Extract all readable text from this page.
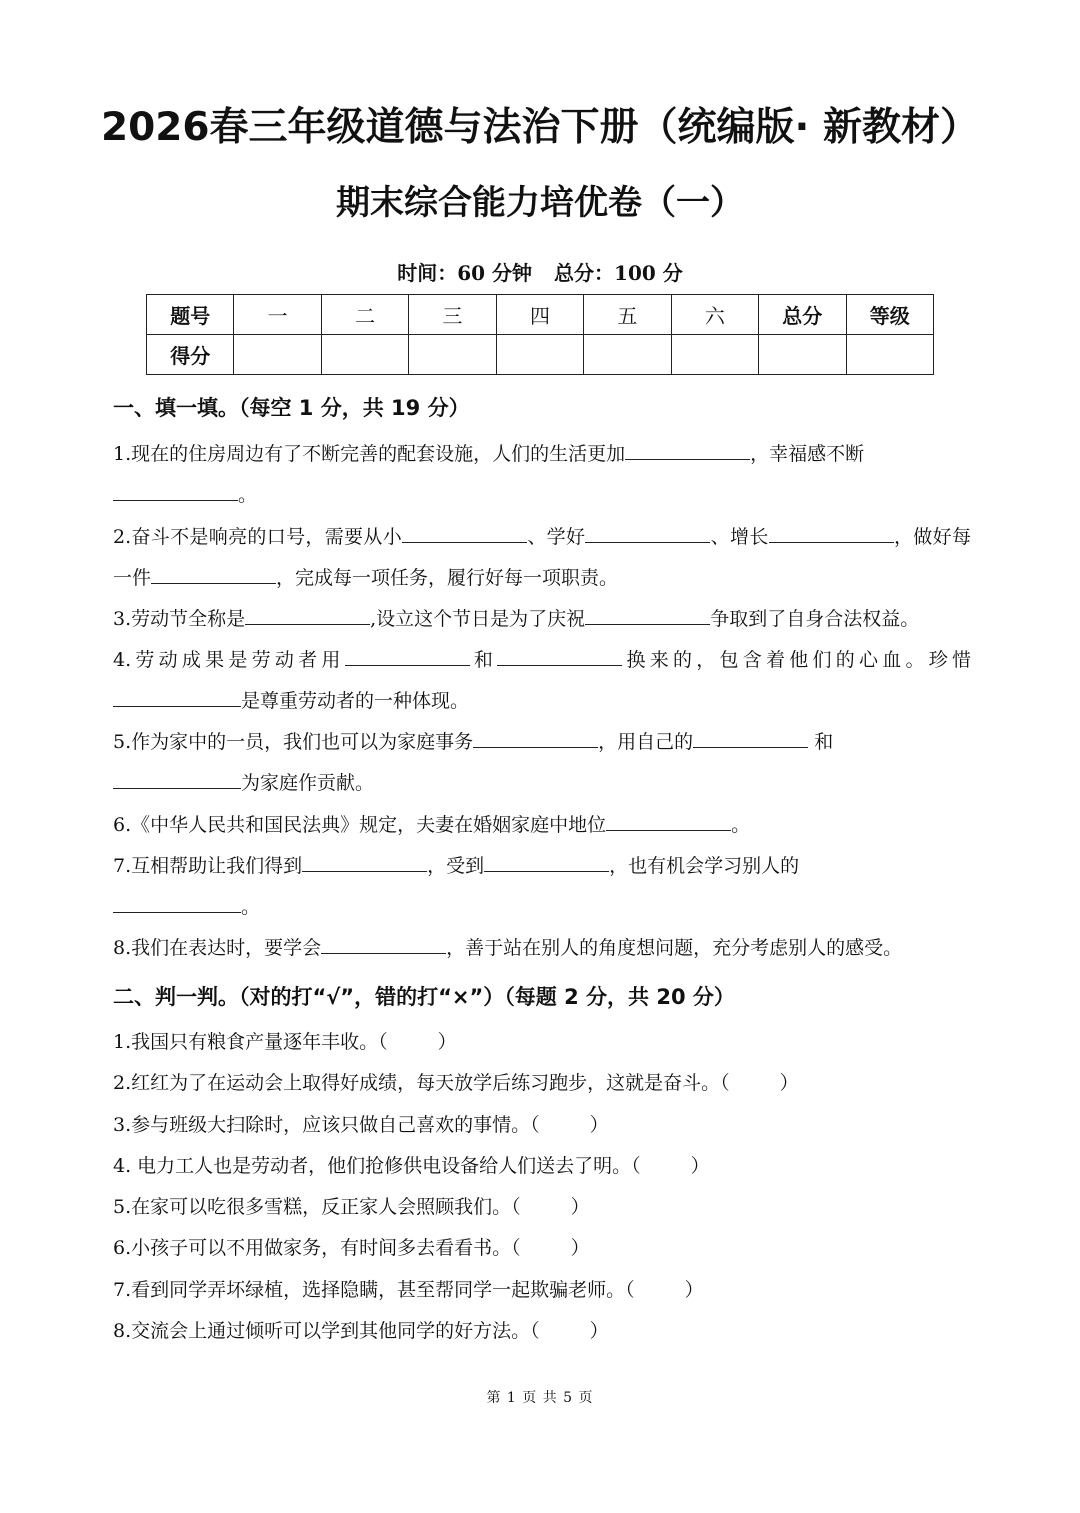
2026春三年级道德与法治下册（统编版· 新教材）
期末综合能力培优卷（一）
时间：60 分钟 总分：100 分
题号	一	二	三	四	五	六	总分	等级
得分								
一、填一填。（每空 1 分，共 19 分）

1.现在的住房周边有了不断完善的配套设施，人们的生活更加	，幸福感不断
。

2.奋斗不是响亮的口号，需要从小	、学好	、增长	，做好每一件	，完成每一项任务，履行好每一项职责。

3.劳动节全称是	,设立这个节日是为了庆祝	争取到了自身合法权益。

4.劳动成果是劳动者用	和	换来的，包含着他们的心血。珍惜是尊重劳动者的一种体现。

5.作为家中的一员，我们也可以为家庭事务	，用自己的	和
为家庭作贡献。

6.《中华人民共和国民法典》规定，夫妻在婚姻家庭中地位	。

7.互相帮助让我们得到	，受到	，也有机会学习别人的
。

8.我们在表达时，要学会	，善于站在别人的角度想问题，充分考虑别人的感受。

二、判一判。（对的打“√”，错的打“×”）（每题 2 分，共 20 分）

1.我国只有粮食产量逐年丰收。（	）

2.红红为了在运动会上取得好成绩，每天放学后练习跑步，这就是奋斗。（	）

3.参与班级大扫除时，应该只做自己喜欢的事情。（	）

4. 电力工人也是劳动者，他们抢修供电设备给人们送去了明。（	）

5.在家可以吃很多雪糕，反正家人会照顾我们。（	）

6.小孩子可以不用做家务，有时间多去看看书。（	）

7.看到同学弄坏绿植，选择隐瞒，甚至帮同学一起欺骗老师。（	）

8.交流会上通过倾听可以学到其他同学的好方法。（	）

第 1 页 共 5 页
